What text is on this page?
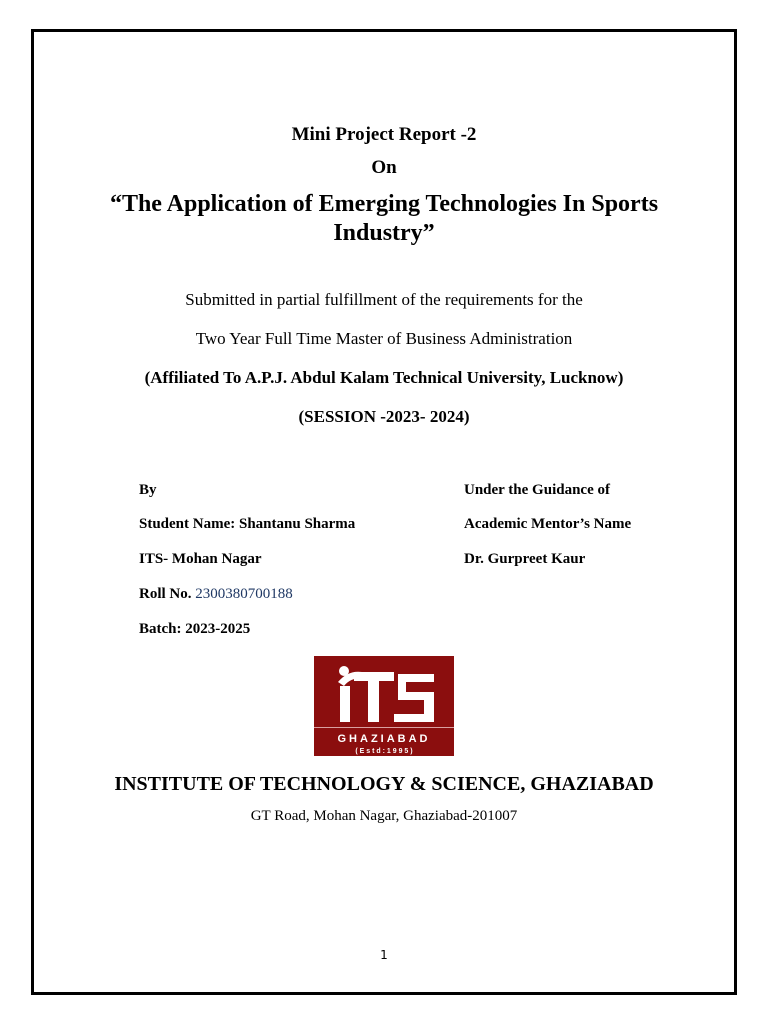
Mini Project Report -2
On
“The Application of Emerging Technologies In Sports Industry”
Submitted in partial fulfillment of the requirements for the
Two Year Full Time Master of Business Administration
(Affiliated To A.P.J. Abdul Kalam Technical University, Lucknow)
(SESSION -2023- 2024)
By
Student Name: Shantanu Sharma
ITS- Mohan Nagar
Roll No. 2300380700188
Batch: 2023-2025
Under the Guidance of
Academic Mentor’s Name
Dr. Gurpreet Kaur
GHAZIABAD
( E s t d : 1 9 9 5 )
INSTITUTE OF TECHNOLOGY & SCIENCE, GHAZIABAD
GT Road, Mohan Nagar, Ghaziabad-201007
1
